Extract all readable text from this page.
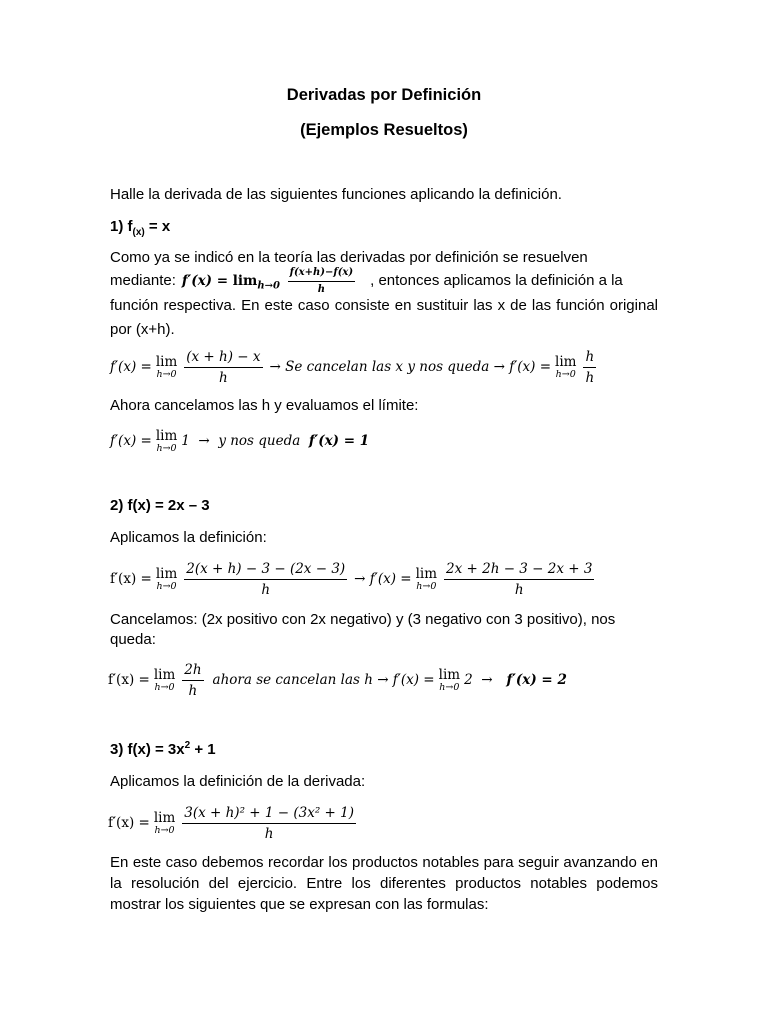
Derivadas por Definición
(Ejemplos Resueltos)
Halle la derivada de las siguientes funciones aplicando la definición.
1) $f_{(x)} = x$
Como ya se indicó en la teoría las derivadas por definición se resuelven
mediante: $f'(x) = \lim_{h\to 0} \frac{f(x+h)-f(x)}{h}$ , entonces aplicamos la definición a la
función respectiva. En este caso consiste en sustituir las x de las función original por (x+h).
f′(x) = lim
$h\to 0 \frac{(x + h) - x}{h} \to Se$ cancelan las x y nos queda → f′(x) = lim
$h\to 0 \frac{h}{h}$
Ahora cancelamos las h y evaluamos el límite:
f′(x) = lim
h→0 1  →  y nos queda f′(x) = 1
2) f(x) = 2x – 3
Aplicamos la definición:
f′(x) = lim
$h\to 0 \frac{2(x + h) - 3 - (2x - 3)}{h} \to f'(x) = \lim$
$h\to 0 \frac{2x + 2h - 3 - 2x + 3}{h}$
Cancelamos: (2x positivo con 2x negativo) y (3 negativo con 3 positivo), nos
queda:
f′(x) = lim
$h\to 0 \frac{2h}{h}$ ahora se cancelan las h → f′(x) = lim
h→0 2  → f′(x) = 2
3) $f(x) = 3x^2 + 1$
Aplicamos la definición de la derivada:
f′(x) = lim
$h\to 0 \frac{\text{3(x + h)² + 1 − (3x² + 1)}}{h}$
En este caso debemos recordar los productos notables para seguir avanzando en la resolución del ejercicio. Entre los diferentes productos notables podemos mostrar los siguientes que se expresan con las formulas:
